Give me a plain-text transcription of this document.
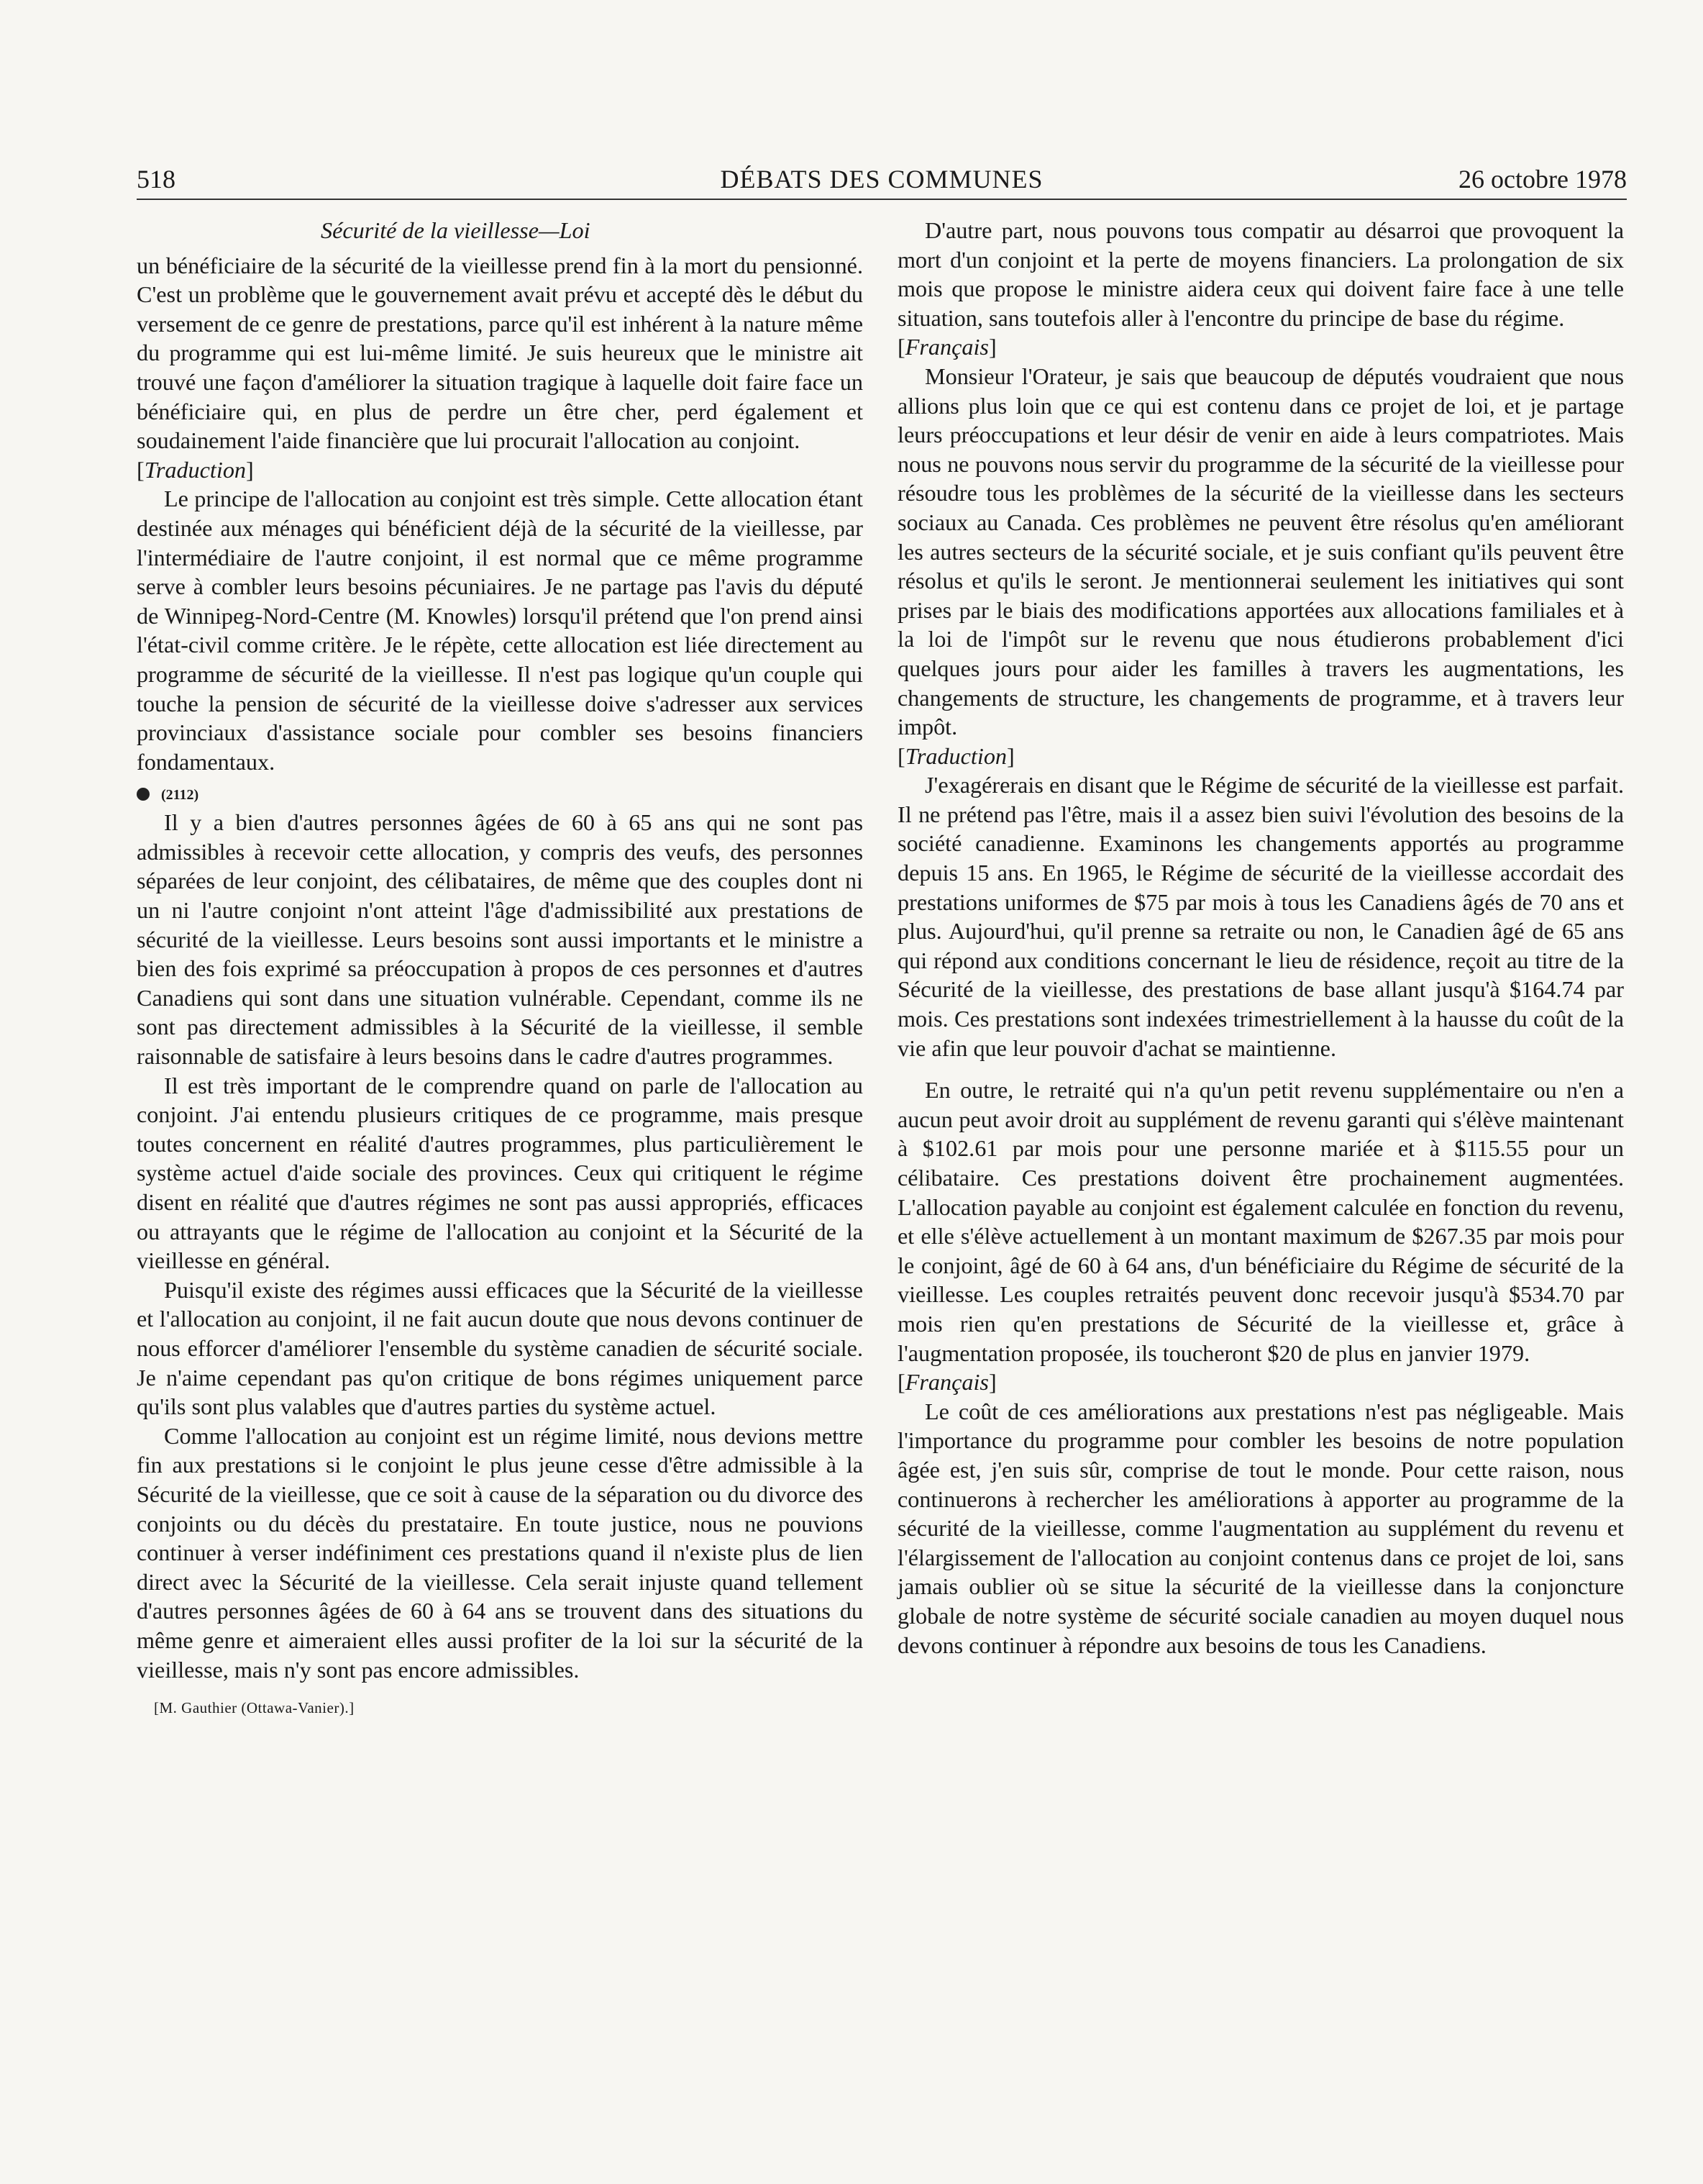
518	DÉBATS DES COMMUNES	26 octobre 1978
Sécurité de la vieillesse—Loi

un bénéficiaire de la sécurité de la vieillesse prend fin à la mort du pensionné. C'est un problème que le gouvernement avait prévu et accepté dès le début du versement de ce genre de prestations, parce qu'il est inhérent à la nature même du programme qui est lui-même limité. Je suis heureux que le ministre ait trouvé une façon d'améliorer la situation tragique à laquelle doit faire face un bénéficiaire qui, en plus de perdre un être cher, perd également et soudainement l'aide financière que lui procurait l'allocation au conjoint.

[Traduction]

Le principe de l'allocation au conjoint est très simple. Cette allocation étant destinée aux ménages qui bénéficient déjà de la sécurité de la vieillesse, par l'intermédiaire de l'autre conjoint, il est normal que ce même programme serve à combler leurs besoins pécuniaires. Je ne partage pas l'avis du député de Winnipeg-Nord-Centre (M. Knowles) lorsqu'il prétend que l'on prend ainsi l'état-civil comme critère. Je le répète, cette allocation est liée directement au programme de sécurité de la vieillesse. Il n'est pas logique qu'un couple qui touche la pension de sécurité de la vieillesse doive s'adresser aux services provinciaux d'assistance sociale pour combler ses besoins financiers fondamentaux.

(2112)

Il y a bien d'autres personnes âgées de 60 à 65 ans qui ne sont pas admissibles à recevoir cette allocation, y compris des veufs, des personnes séparées de leur conjoint, des célibataires, de même que des couples dont ni un ni l'autre conjoint n'ont atteint l'âge d'admissibilité aux prestations de sécurité de la vieillesse. Leurs besoins sont aussi importants et le ministre a bien des fois exprimé sa préoccupation à propos de ces personnes et d'autres Canadiens qui sont dans une situation vulnérable. Cependant, comme ils ne sont pas directement admissibles à la Sécurité de la vieillesse, il semble raisonnable de satisfaire à leurs besoins dans le cadre d'autres programmes.

Il est très important de le comprendre quand on parle de l'allocation au conjoint. J'ai entendu plusieurs critiques de ce programme, mais presque toutes concernent en réalité d'autres programmes, plus particulièrement le système actuel d'aide sociale des provinces. Ceux qui critiquent le régime disent en réalité que d'autres régimes ne sont pas aussi appropriés, efficaces ou attrayants que le régime de l'allocation au conjoint et la Sécurité de la vieillesse en général.

Puisqu'il existe des régimes aussi efficaces que la Sécurité de la vieillesse et l'allocation au conjoint, il ne fait aucun doute que nous devons continuer de nous efforcer d'améliorer l'ensemble du système canadien de sécurité sociale. Je n'aime cependant pas qu'on critique de bons régimes uniquement parce qu'ils sont plus valables que d'autres parties du système actuel.

Comme l'allocation au conjoint est un régime limité, nous devions mettre fin aux prestations si le conjoint le plus jeune cesse d'être admissible à la Sécurité de la vieillesse, que ce soit à cause de la séparation ou du divorce des conjoints ou du décès du prestataire. En toute justice, nous ne pouvions continuer à verser indéfiniment ces prestations quand il n'existe plus de lien direct avec la Sécurité de la vieillesse. Cela serait injuste quand tellement d'autres personnes âgées de 60 à 64 ans se trouvent dans des situations du même genre et aimeraient elles aussi profiter de la loi sur la sécurité de la vieillesse, mais n'y sont pas encore admissibles.

[M. Gauthier (Ottawa-Vanier).]

D'autre part, nous pouvons tous compatir au désarroi que provoquent la mort d'un conjoint et la perte de moyens financiers. La prolongation de six mois que propose le ministre aidera ceux qui doivent faire face à une telle situation, sans toutefois aller à l'encontre du principe de base du régime.

[Français]

Monsieur l'Orateur, je sais que beaucoup de députés voudraient que nous allions plus loin que ce qui est contenu dans ce projet de loi, et je partage leurs préoccupations et leur désir de venir en aide à leurs compatriotes. Mais nous ne pouvons nous servir du programme de la sécurité de la vieillesse pour résoudre tous les problèmes de la sécurité de la vieillesse dans les secteurs sociaux au Canada. Ces problèmes ne peuvent être résolus qu'en améliorant les autres secteurs de la sécurité sociale, et je suis confiant qu'ils peuvent être résolus et qu'ils le seront. Je mentionnerai seulement les initiatives qui sont prises par le biais des modifications apportées aux allocations familiales et à la loi de l'impôt sur le revenu que nous étudierons probablement d'ici quelques jours pour aider les familles à travers les augmentations, les changements de structure, les changements de programme, et à travers leur impôt.

[Traduction]

J'exagérerais en disant que le Régime de sécurité de la vieillesse est parfait. Il ne prétend pas l'être, mais il a assez bien suivi l'évolution des besoins de la société canadienne. Examinons les changements apportés au programme depuis 15 ans. En 1965, le Régime de sécurité de la vieillesse accordait des prestations uniformes de $75 par mois à tous les Canadiens âgés de 70 ans et plus. Aujourd'hui, qu'il prenne sa retraite ou non, le Canadien âgé de 65 ans qui répond aux conditions concernant le lieu de résidence, reçoit au titre de la Sécurité de la vieillesse, des prestations de base allant jusqu'à $164.74 par mois. Ces prestations sont indexées trimestriellement à la hausse du coût de la vie afin que leur pouvoir d'achat se maintienne.

En outre, le retraité qui n'a qu'un petit revenu supplémentaire ou n'en a aucun peut avoir droit au supplément de revenu garanti qui s'élève maintenant à $102.61 par mois pour une personne mariée et à $115.55 pour un célibataire. Ces prestations doivent être prochainement augmentées. L'allocation payable au conjoint est également calculée en fonction du revenu, et elle s'élève actuellement à un montant maximum de $267.35 par mois pour le conjoint, âgé de 60 à 64 ans, d'un bénéficiaire du Régime de sécurité de la vieillesse. Les couples retraités peuvent donc recevoir jusqu'à $534.70 par mois rien qu'en prestations de Sécurité de la vieillesse et, grâce à l'augmentation proposée, ils toucheront $20 de plus en janvier 1979.

[Français]

Le coût de ces améliorations aux prestations n'est pas négligeable. Mais l'importance du programme pour combler les besoins de notre population âgée est, j'en suis sûr, comprise de tout le monde. Pour cette raison, nous continuerons à rechercher les améliorations à apporter au programme de la sécurité de la vieillesse, comme l'augmentation au supplément du revenu et l'élargissement de l'allocation au conjoint contenus dans ce projet de loi, sans jamais oublier où se situe la sécurité de la vieillesse dans la conjoncture globale de notre système de sécurité sociale canadien au moyen duquel nous devons continuer à répondre aux besoins de tous les Canadiens.
